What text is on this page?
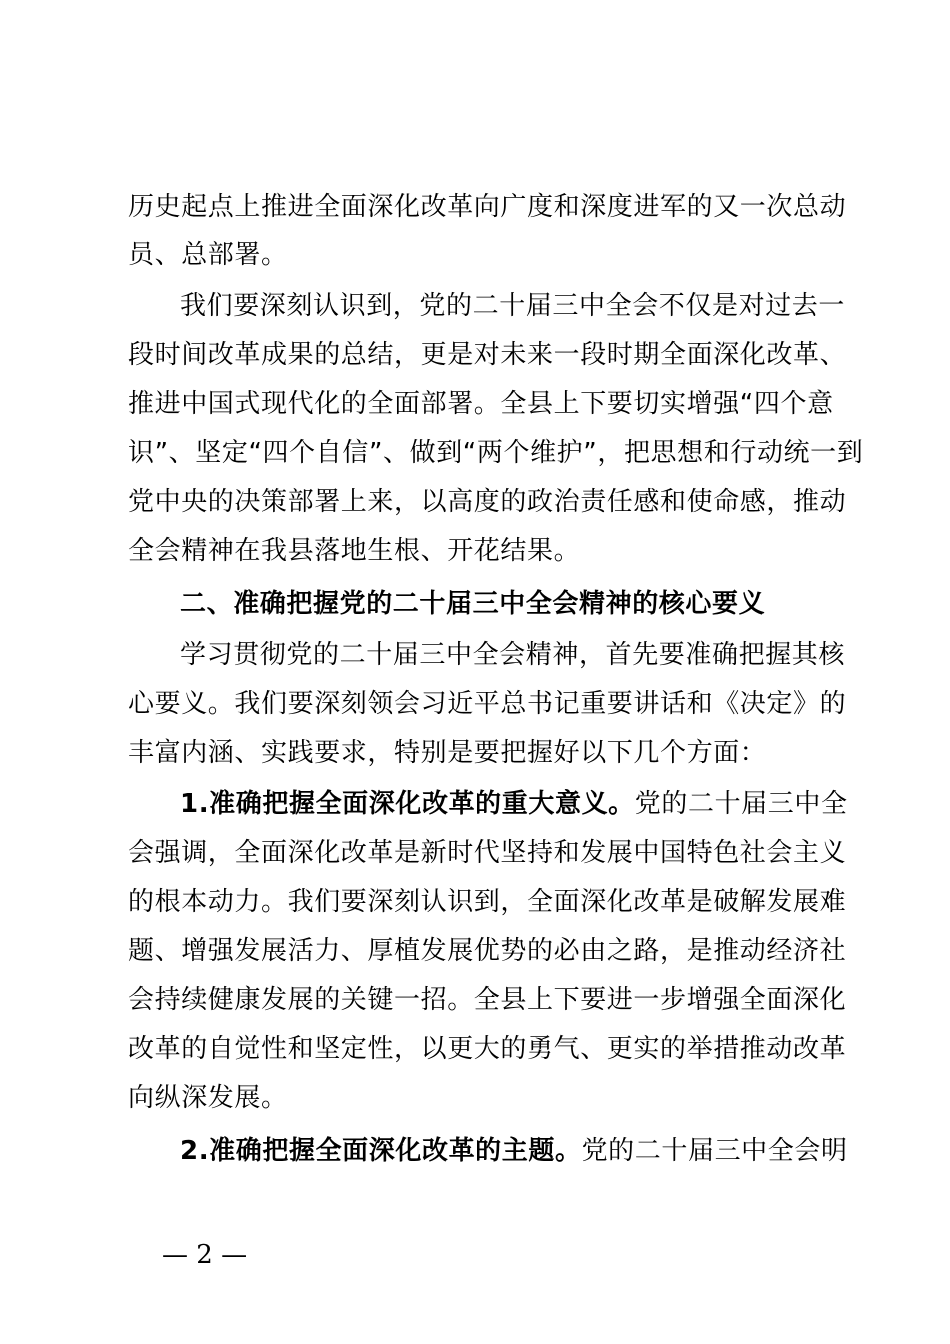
历史起点上推进全面深化改革向广度和深度进军的又一次总动
员、总部署。
我们要深刻认识到，党的二十届三中全会不仅是对过去一
段时间改革成果的总结，更是对未来一段时期全面深化改革、
推进中国式现代化的全面部署。全县上下要切实增强“四个意
识”、坚定“四个自信”、做到“两个维护”，把思想和行动统一到
党中央的决策部署上来，以高度的政治责任感和使命感，推动
全会精神在我县落地生根、开花结果。
二、准确把握党的二十届三中全会精神的核心要义
学习贯彻党的二十届三中全会精神，首先要准确把握其核
心要义。我们要深刻领会习近平总书记重要讲话和《决定》的
丰富内涵、实践要求，特别是要把握好以下几个方面：
1.准确把握全面深化改革的重大意义。党的二十届三中全
会强调，全面深化改革是新时代坚持和发展中国特色社会主义
的根本动力。我们要深刻认识到，全面深化改革是破解发展难
题、增强发展活力、厚植发展优势的必由之路，是推动经济社
会持续健康发展的关键一招。全县上下要进一步增强全面深化
改革的自觉性和坚定性，以更大的勇气、更实的举措推动改革
向纵深发展。
2.准确把握全面深化改革的主题。党的二十届三中全会明
— 2 —
